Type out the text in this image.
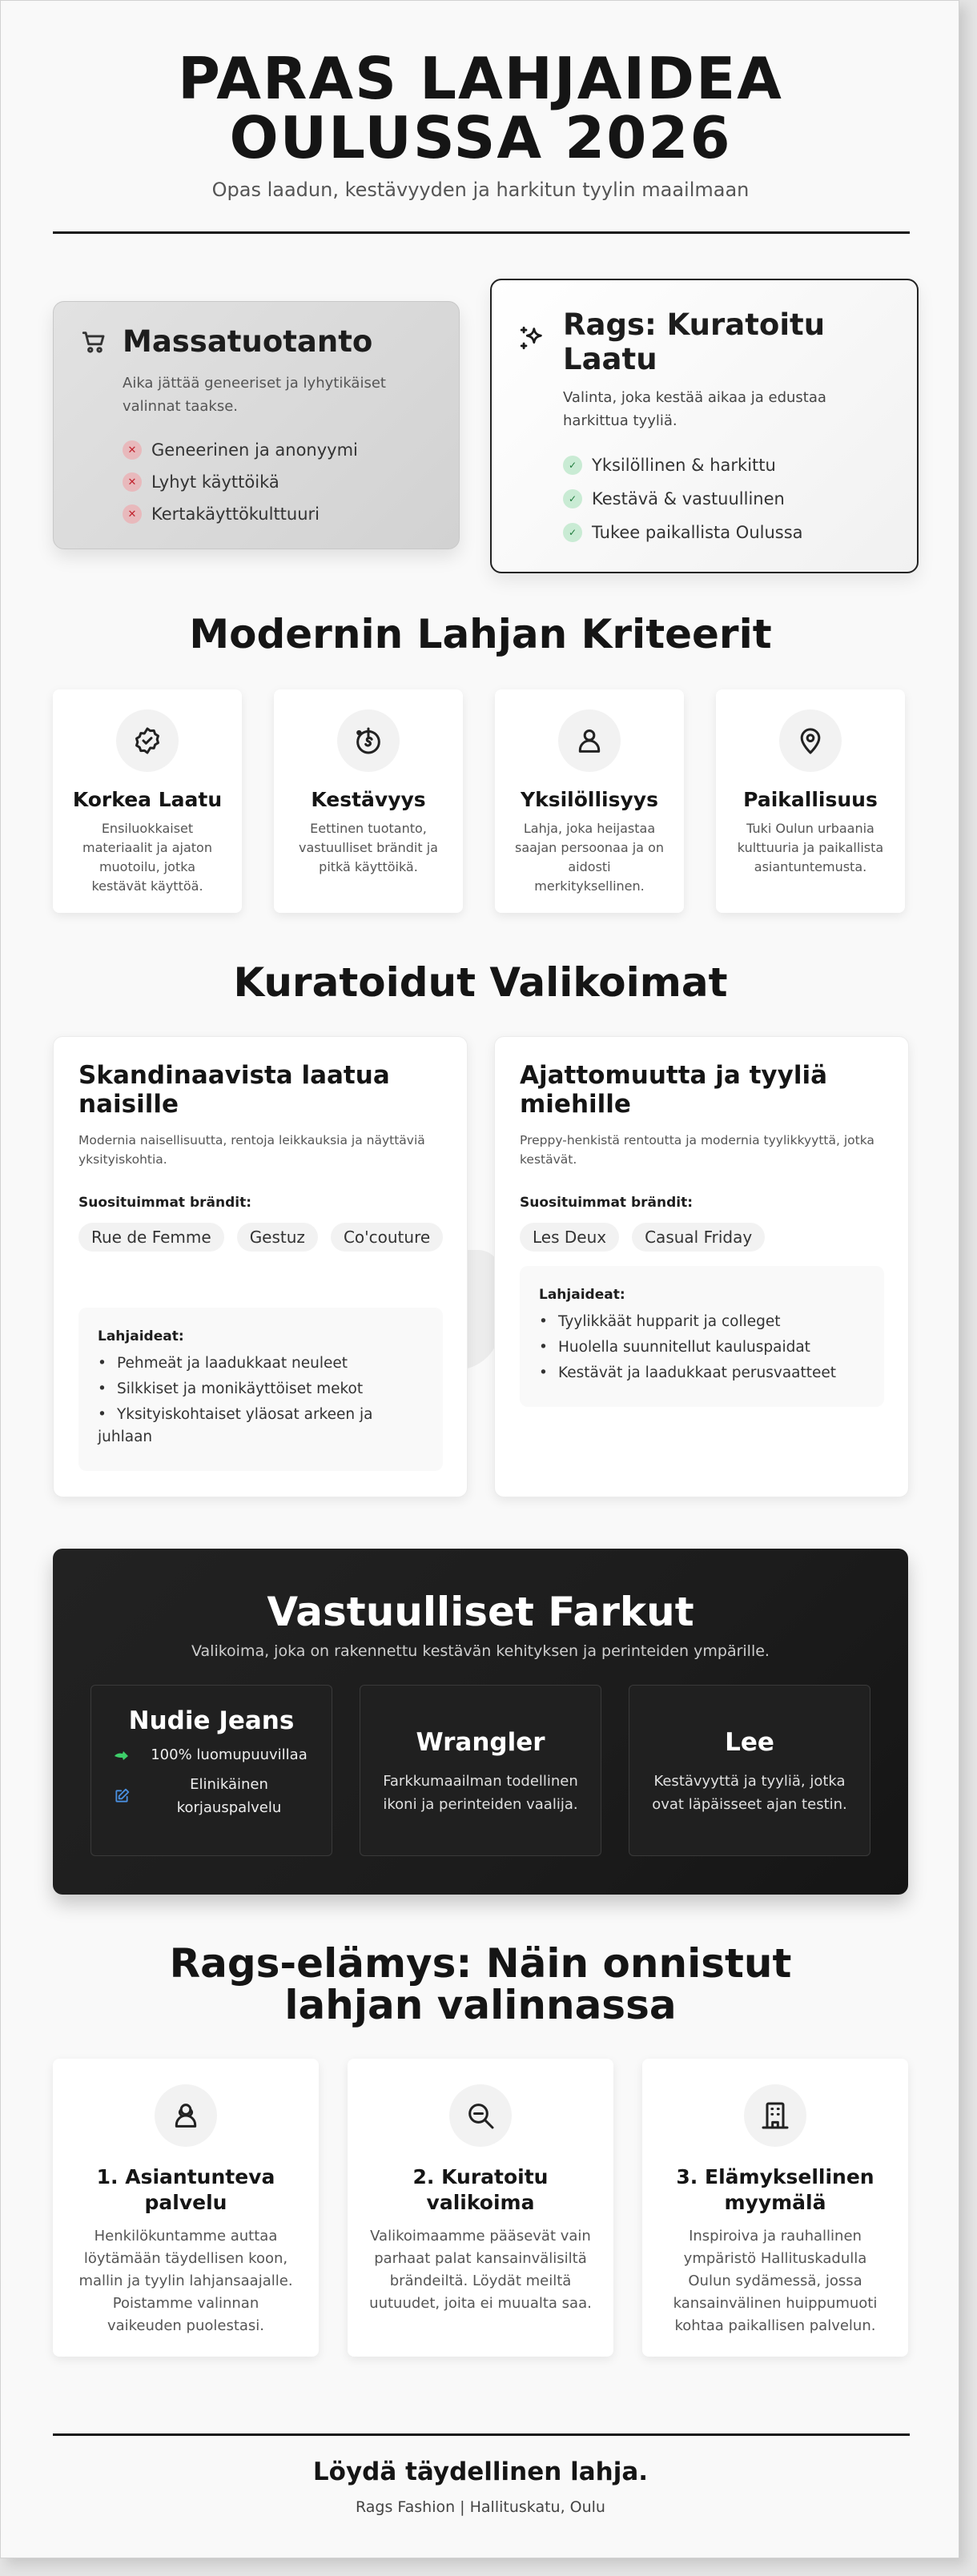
PARAS LAHJAIDEA
OULUSSA 2026

Opas laadun, kestävyyden ja harkitun tyylin maailmaan

Massatuotanto
Aika jättää geneeriset ja lyhytikäiset valinnat taakse.
✕ Geneerinen ja anonyymi
✕ Lyhyt käyttöikä
✕ Kertakäyttökulttuuri
Rags: Kuratoitu
Laatu
Valinta, joka kestää aikaa ja edustaa harkittua tyyliä.
✓ Yksilöllinen & harkittu
✓ Kestävä & vastuullinen
✓ Tukee paikallista Oulussa
Modernin Lahjan Kriteerit
Korkea Laatu
Ensiluokkaiset materiaalit ja ajaton muotoilu, jotka kestävät käyttöä.
Kestävyys
Eettinen tuotanto, vastuulliset brändit ja pitkä käyttöikä.
Yksilöllisyys
Lahja, joka heijastaa saajan persoonaa ja on aidosti merkityksellinen.
Paikallisuus
Tuki Oulun urbaania kulttuuria ja paikallista asiantuntemusta.
Kuratoidut Valikoimat
Skandinaavista laatua naisille
Modernia naisellisuutta, rentoja leikkauksia ja näyttäviä yksityiskohtia.
Suosituimmat brändit:
Rue de Femme	Gestuz	Co'couture
Lahjaideat:
• Pehmeät ja laadukkaat neuleet
• Silkkiset ja monikäyttöiset mekot
• Yksityiskohtaiset yläosat arkeen ja juhlaan
Ajattomuutta ja tyyliä miehille
Preppy-henkistä rentoutta ja modernia tyylikkyyttä, jotka kestävät.
Suosituimmat brändit:
Les Deux	Casual Friday
Lahjaideat:
• Tyylikkäät hupparit ja colleget
• Huolella suunnitellut kauluspaidat
• Kestävät ja laadukkaat perusvaatteet
Vastuulliset Farkut

Valikoima, joka on rakennettu kestävän kehityksen ja perinteiden ympärille.

Nudie Jeans
100% luomupuuvillaa
Elinikäinen korjauspalvelu
Wrangler
Farkkumaailman todellinen ikoni ja perinteiden vaalija.
Lee
Kestävyyttä ja tyyliä, jotka ovat läpäisseet ajan testin.
Rags-elämys: Näin onnistut lahjan valinnassa
1. Asiantunteva palvelu
Henkilökuntamme auttaa löytämään täydellisen koon, mallin ja tyylin lahjansaajalle. Poistamme valinnan vaikeuden puolestasi.
2. Kuratoitu valikoima
Valikoimaamme pääsevät vain parhaat palat kansainvälisiltä brändeiltä. Löydät meiltä uutuudet, joita ei muualta saa.
3. Elämyksellinen myymälä
Inspiroiva ja rauhallinen ympäristö Hallituskadulla Oulun sydämessä, jossa kansainvälinen huippumuoti kohtaa paikallisen palvelun.
Löydä täydellinen lahja.
Rags Fashion | Hallituskatu, Oulu
